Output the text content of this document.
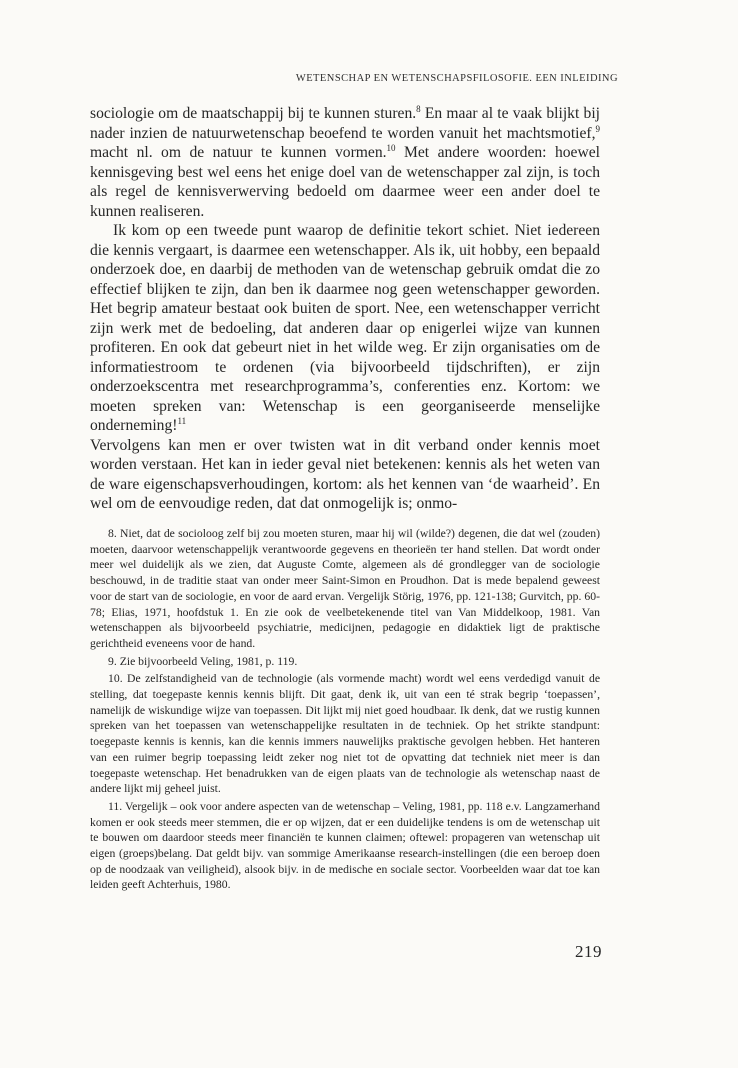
WETENSCHAP EN WETENSCHAPSFILOSOFIE. EEN INLEIDING

sociologie om de maatschappij bij te kunnen sturen.$^8$ En maar al te vaak blijkt bij nader inzien de natuurwetenschap beoefend te worden vanuit het machtsmotief,$^9$ macht nl. om de natuur te kunnen vormen.$^{10}$ Met andere woorden: hoewel kennisgeving best wel eens het enige doel van de wetenschapper zal zijn, is toch als regel de kennisverwerving bedoeld om daarmee weer een ander doel te kunnen realiseren.

Ik kom op een tweede punt waarop de definitie tekort schiet. Niet iedereen die kennis vergaart, is daarmee een wetenschapper. Als ik, uit hobby, een bepaald onderzoek doe, en daarbij de methoden van de wetenschap gebruik omdat die zo effectief blijken te zijn, dan ben ik daarmee nog geen wetenschapper geworden. Het begrip amateur bestaat ook buiten de sport. Nee, een wetenschapper verricht zijn werk met de bedoeling, dat anderen daar op enigerlei wijze van kunnen profiteren. En ook dat gebeurt niet in het wilde weg. Er zijn organisaties om de informatiestroom te ordenen (via bijvoorbeeld tijdschriften), er zijn onderzoekscentra met researchprogramma’s, conferenties enz. Kortom: we moeten spreken van: Wetenschap is een georganiseerde menselijke onderneming!$^{11}$

Vervolgens kan men er over twisten wat in dit verband onder kennis moet worden verstaan. Het kan in ieder geval niet betekenen: kennis als het weten van de ware eigenschapsverhoudingen, kortom: als het kennen van ‘de waarheid’. En wel om de eenvoudige reden, dat dat onmogelijk is; onmo-

8. Niet, dat de socioloog zelf bij zou moeten sturen, maar hij wil (wilde?) degenen, die dat wel (zouden) moeten, daarvoor wetenschappelijk verantwoorde gegevens en theorieën ter hand stellen. Dat wordt onder meer wel duidelijk als we zien, dat Auguste Comte, algemeen als dé grondlegger van de sociologie beschouwd, in de traditie staat van onder meer Saint-Simon en Proudhon. Dat is mede bepalend geweest voor de start van de sociologie, en voor de aard ervan. Vergelijk Störig, 1976, pp. 121-138; Gurvitch, pp. 60-78; Elias, 1971, hoofdstuk 1. En zie ook de veelbetekenende titel van Van Middelkoop, 1981. Van wetenschappen als bijvoorbeeld psychiatrie, medicijnen, pedagogie en didaktiek ligt de praktische gerichtheid eveneens voor de hand.

9. Zie bijvoorbeeld Veling, 1981, p. 119.

10. De zelfstandigheid van de technologie (als vormende macht) wordt wel eens verdedigd vanuit de stelling, dat toegepaste kennis kennis blijft. Dit gaat, denk ik, uit van een té strak begrip ‘toepassen’, namelijk de wiskundige wijze van toepassen. Dit lijkt mij niet goed houdbaar. Ik denk, dat we rustig kunnen spreken van het toepassen van wetenschappelijke resultaten in de techniek. Op het strikte standpunt: toegepaste kennis is kennis, kan die kennis immers nauwelijks praktische gevolgen hebben. Het hanteren van een ruimer begrip toepassing leidt zeker nog niet tot de opvatting dat techniek niet meer is dan toegepaste wetenschap. Het benadrukken van de eigen plaats van de technologie als wetenschap naast de andere lijkt mij geheel juist.

11. Vergelijk – ook voor andere aspecten van de wetenschap – Veling, 1981, pp. 118 e.v. Langzamerhand komen er ook steeds meer stemmen, die er op wijzen, dat er een duidelijke tendens is om de wetenschap uit te bouwen om daardoor steeds meer financiën te kunnen claimen; oftewel: propageren van wetenschap uit eigen (groeps)belang. Dat geldt bijv. van sommige Amerikaanse research-instellingen (die een beroep doen op de noodzaak van veiligheid), alsook bijv. in de medische en sociale sector. Voorbeelden waar dat toe kan leiden geeft Achterhuis, 1980.

219
